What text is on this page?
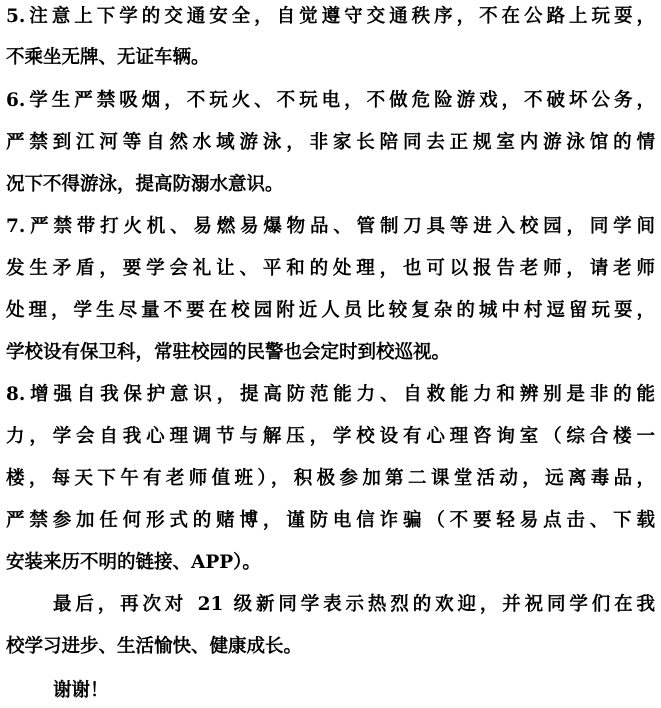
5.注意上下学的交通安全，自觉遵守交通秩序，不在公路上玩耍，
不乘坐无牌、无证车辆。
6.学生严禁吸烟，不玩火、不玩电，不做危险游戏，不破坏公务，
严禁到江河等自然水域游泳，非家长陪同去正规室内游泳馆的情
况下不得游泳，提高防溺水意识。
7.严禁带打火机、易燃易爆物品、管制刀具等进入校园，同学间
发生矛盾，要学会礼让、平和的处理，也可以报告老师，请老师
处理，学生尽量不要在校园附近人员比较复杂的城中村逗留玩耍，
学校设有保卫科，常驻校园的民警也会定时到校巡视。
8.增强自我保护意识，提高防范能力、自救能力和辨别是非的能
力，学会自我心理调节与解压，学校设有心理咨询室（综合楼一
楼，每天下午有老师值班），积极参加第二课堂活动，远离毒品，
严禁参加任何形式的赌博，谨防电信诈骗（不要轻易点击、下载
安装来历不明的链接、APP）。
最后，再次对 21 级新同学表示热烈的欢迎，并祝同学们在我
校学习进步、生活愉快、健康成长。
谢谢！
